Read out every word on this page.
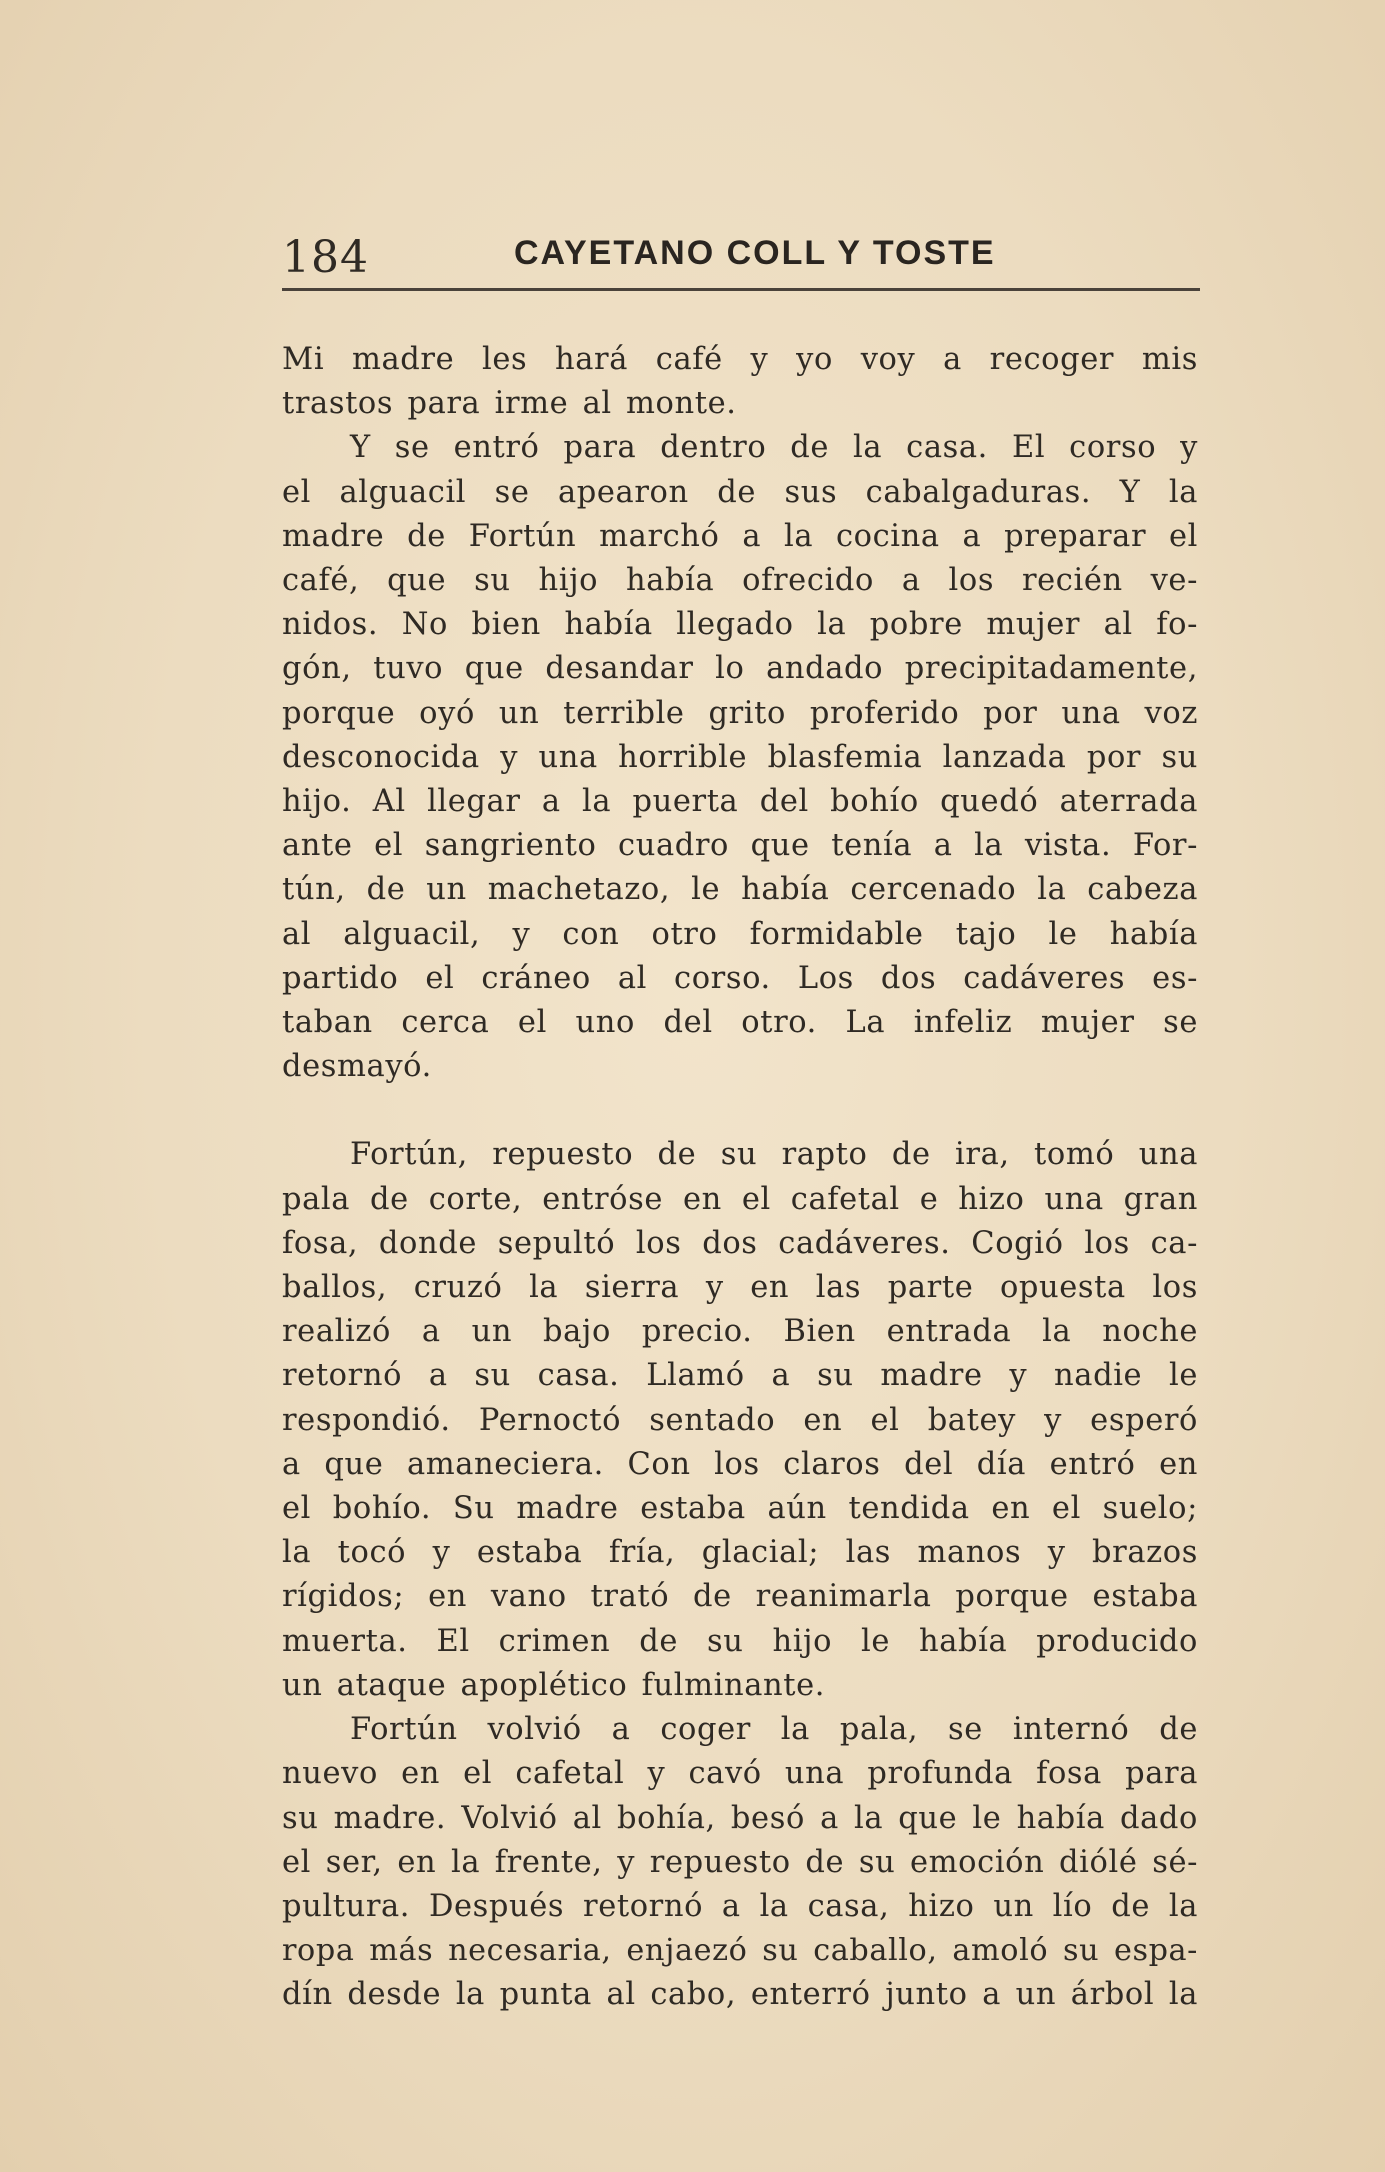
184	CAYETANO COLL Y TOSTE
Mi madre les hará café y yo voy a recoger mis
trastos para irme al monte.
Y se entró para dentro de la casa. El corso y
el alguacil se apearon de sus cabalgaduras. Y la
madre de Fortún marchó a la cocina a preparar el
café, que su hijo había ofrecido a los recién ve-
nidos. No bien había llegado la pobre mujer al fo-
gón, tuvo que desandar lo andado precipitadamente,
porque oyó un terrible grito proferido por una voz
desconocida y una horrible blasfemia lanzada por su
hijo. Al llegar a la puerta del bohío quedó aterrada
ante el sangriento cuadro que tenía a la vista. For-
tún, de un machetazo, le había cercenado la cabeza
al alguacil, y con otro formidable tajo le había
partido el cráneo al corso. Los dos cadáveres es-
taban cerca el uno del otro. La infeliz mujer se
desmayó.
Fortún, repuesto de su rapto de ira, tomó una
pala de corte, entróse en el cafetal e hizo una gran
fosa, donde sepultó los dos cadáveres. Cogió los ca-
ballos, cruzó la sierra y en las parte opuesta los
realizó a un bajo precio. Bien entrada la noche
retornó a su casa. Llamó a su madre y nadie le
respondió. Pernoctó sentado en el batey y esperó
a que amaneciera. Con los claros del día entró en
el bohío. Su madre estaba aún tendida en el suelo;
la tocó y estaba fría, glacial; las manos y brazos
rígidos; en vano trató de reanimarla porque estaba
muerta. El crimen de su hijo le había producido
un ataque apoplético fulminante.
Fortún volvió a coger la pala, se internó de
nuevo en el cafetal y cavó una profunda fosa para
su madre. Volvió al bohía, besó a la que le había dado
el ser, en la frente, y repuesto de su emoción diólé sé-
pultura. Después retornó a la casa, hizo un lío de la
ropa más necesaria, enjaezó su caballo, amoló su espa-
dín desde la punta al cabo, enterró junto a un árbol la
